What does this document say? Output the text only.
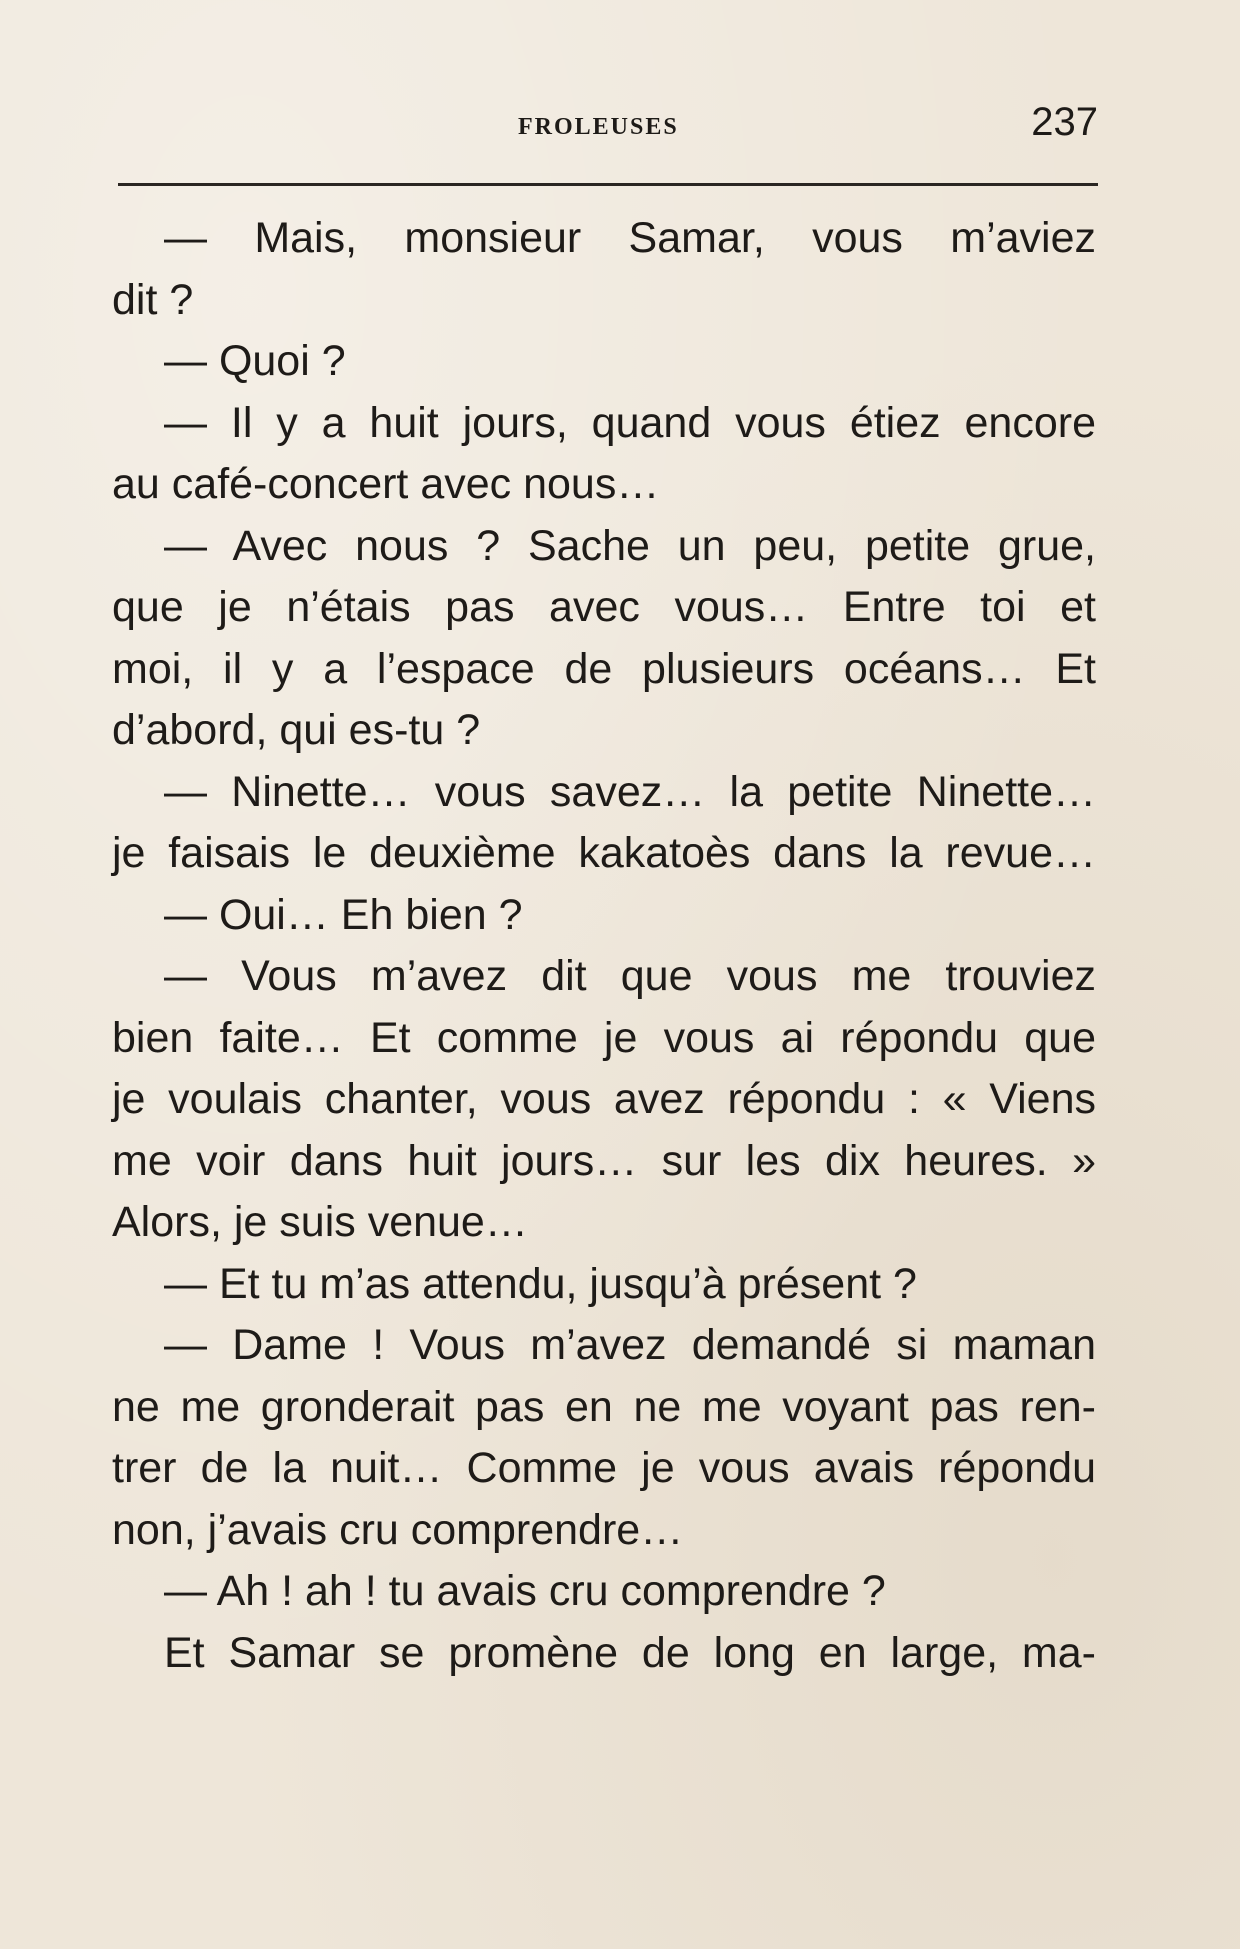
FROLEUSES	237
— Mais, monsieur Samar, vous m’aviez
dit ?
— Quoi ?
— Il y a huit jours, quand vous étiez encore
au café-concert avec nous…
— Avec nous ? Sache un peu, petite grue,
que je n’étais pas avec vous… Entre toi et
moi, il y a l’espace de plusieurs océans… Et
d’abord, qui es-tu ?
— Ninette… vous savez… la petite Ninette…
je faisais le deuxième kakatoès dans la revue…
— Oui… Eh bien ?
— Vous m’avez dit que vous me trouviez
bien faite… Et comme je vous ai répondu que
je voulais chanter, vous avez répondu : « Viens
me voir dans huit jours… sur les dix heures. »
Alors, je suis venue…
— Et tu m’as attendu, jusqu’à présent ?
— Dame ! Vous m’avez demandé si maman
ne me gronderait pas en ne me voyant pas ren-
trer de la nuit… Comme je vous avais répondu
non, j’avais cru comprendre…
— Ah ! ah ! tu avais cru comprendre ?
Et Samar se promène de long en large, ma-
